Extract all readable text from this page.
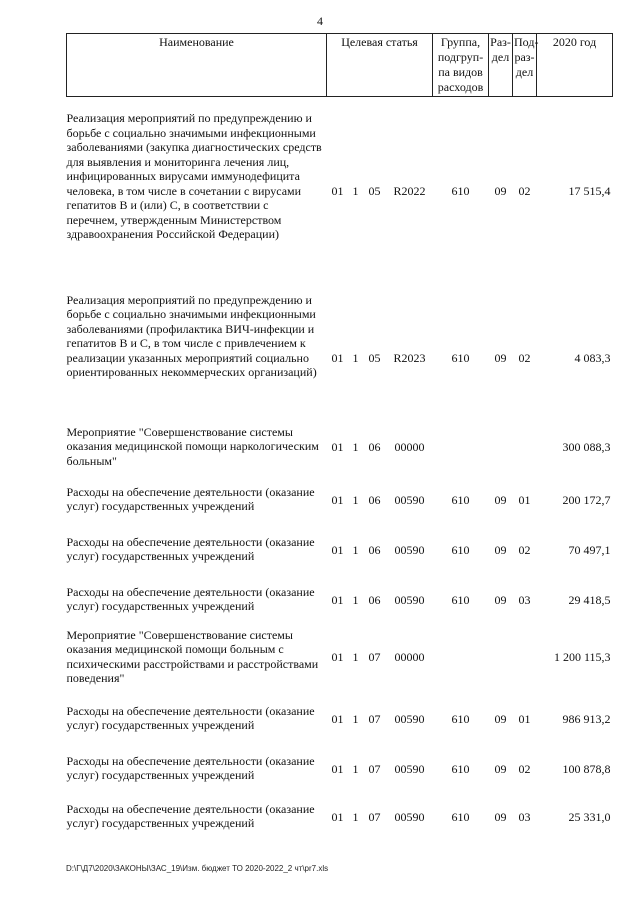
4
Наименование	Целевая статья				Группа, подгруп-па видов расходов	Раз-дел	Под-раз-дел	2020 год
Реализация мероприятий по предупреждению и борьбе с социально значимыми инфекционными заболеваниями (закупка диагностических средств для выявления и мониторинга лечения лиц, инфицированных вирусами иммунодефицита человека, в том числе в сочетании с вирусами гепатитов B и (или) C, в соответствии с перечнем, утвержденным Министерством здравоохранения Российской Федерации)	01	1	05	R2022	610	09	02	17 515,4
Реализация мероприятий по предупреждению и борьбе с социально значимыми инфекционными заболеваниями (профилактика ВИЧ-инфекции и гепатитов B и C, в том числе с привлечением к реализации указанных мероприятий социально ориентированных некоммерческих организаций)	01	1	05	R2023	610	09	02	4 083,3
Мероприятие "Совершенствование системы оказания медицинской помощи наркологическим больным"	01	1	06	00000				300 088,3
Расходы на обеспечение деятельности (оказание услуг) государственных учреждений	01	1	06	00590	610	09	01	200 172,7
Расходы на обеспечение деятельности (оказание услуг) государственных учреждений	01	1	06	00590	610	09	02	70 497,1
Расходы на обеспечение деятельности (оказание услуг) государственных учреждений	01	1	06	00590	610	09	03	29 418,5
Мероприятие "Совершенствование системы оказания медицинской помощи больным с психическими расстройствами и расстройствами поведения"	01	1	07	00000				1 200 115,3
Расходы на обеспечение деятельности (оказание услуг) государственных учреждений	01	1	07	00590	610	09	01	986 913,2
Расходы на обеспечение деятельности (оказание услуг) государственных учреждений	01	1	07	00590	610	09	02	100 878,8
Расходы на обеспечение деятельности (оказание услуг) государственных учреждений	01	1	07	00590	610	09	03	25 331,0
D:\Г\Д7\2020\ЗАКОНЫ\ЗАС_19\Изм. бюджет ТО 2020-2022_2 чт\pr7.xls
